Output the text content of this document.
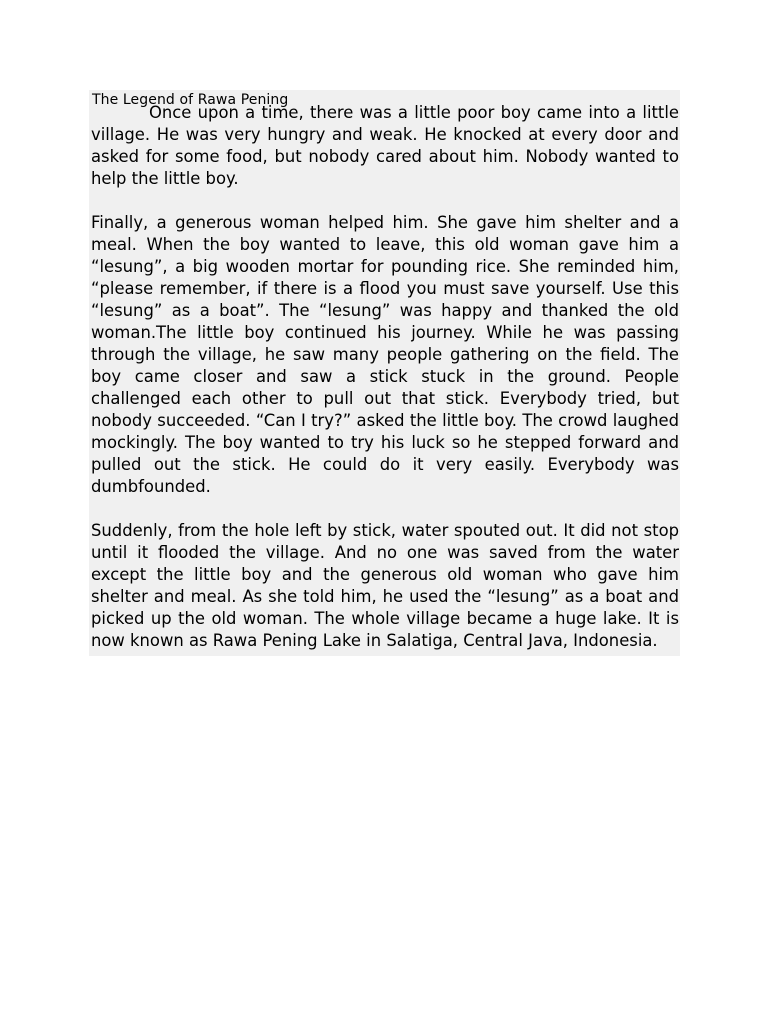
The Legend of Rawa Pening

Once upon a time, there was a little poor boy came into a little village. He was very hungry and weak. He knocked at every door and asked for some food, but nobody cared about him. Nobody wanted to help the little boy.

Finally, a generous woman helped him. She gave him shelter and a meal. When the boy wanted to leave, this old woman gave him a “lesung”, a big wooden mortar for pounding rice. She reminded him, “please remember, if there is a flood you must save yourself. Use this “lesung” as a boat”. The “lesung” was happy and thanked the old woman.The little boy continued his journey. While he was passing through the village, he saw many people gathering on the field. The boy came closer and saw a stick stuck in the ground. People challenged each other to pull out that stick. Everybody tried, but nobody succeeded. “Can I try?” asked the little boy. The crowd laughed mockingly. The boy wanted to try his luck so he stepped forward and pulled out the stick. He could do it very easily. Everybody was dumbfounded.

Suddenly, from the hole left by stick, water spouted out. It did not stop until it flooded the village. And no one was saved from the water except the little boy and the generous old woman who gave him shelter and meal. As she told him, he used the “lesung” as a boat and picked up the old woman. The whole village became a huge lake. It is now known as Rawa Pening Lake in Salatiga, Central Java, Indonesia.
